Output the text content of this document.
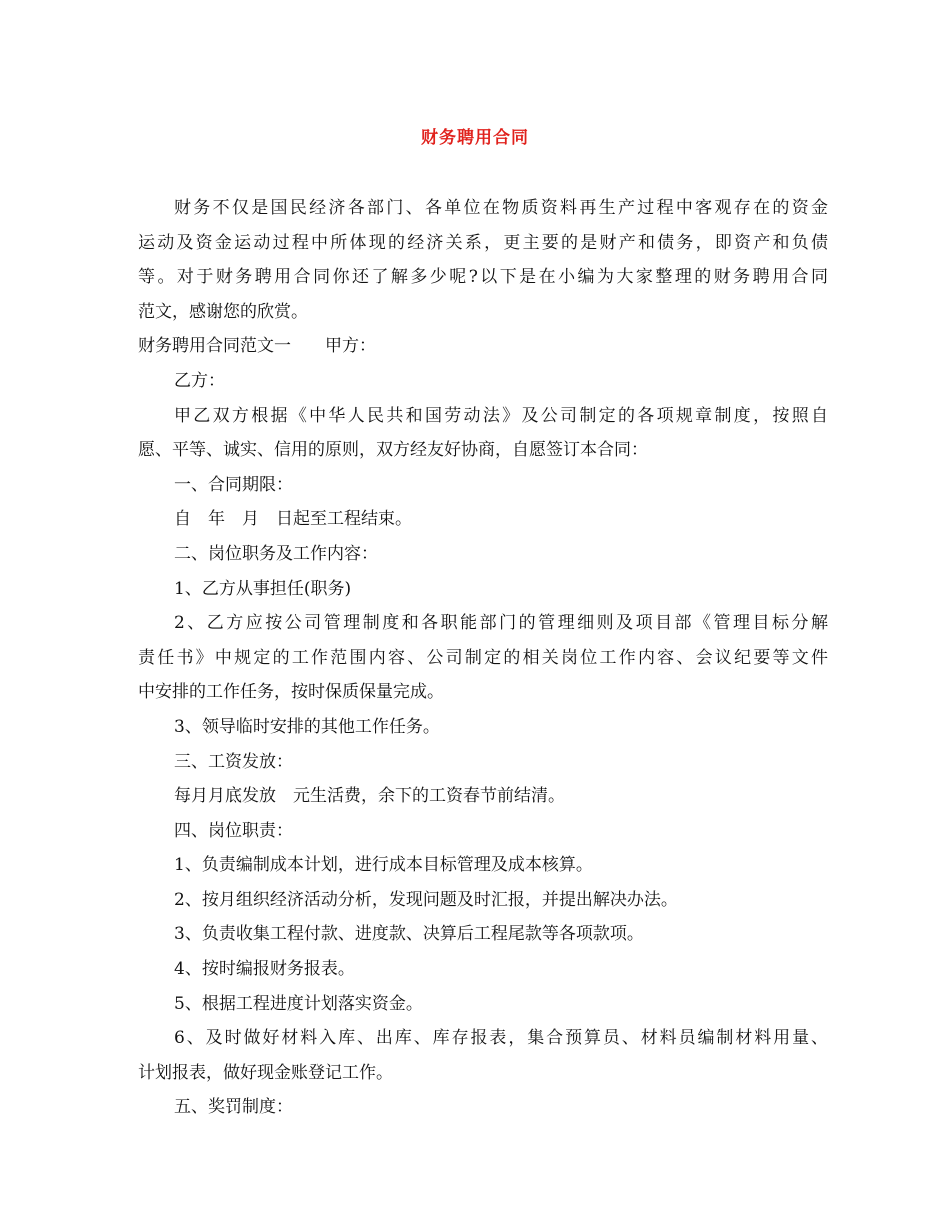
财务聘用合同

财务不仅是国民经济各部门、各单位在物质资料再生产过程中客观存在的资金

运动及资金运动过程中所体现的经济关系，更主要的是财产和债务，即资产和负债

等。对于财务聘用合同你还了解多少呢?以下是在小编为大家整理的财务聘用合同

范文，感谢您的欣赏。

财务聘用合同范文一　　甲方：

乙方：

甲乙双方根据《中华人民共和国劳动法》及公司制定的各项规章制度，按照自

愿、平等、诚实、信用的原则，双方经友好协商，自愿签订本合同：

一、合同期限：

自　年　月　日起至工程结束。

二、岗位职务及工作内容：

1、乙方从事担任(职务)

2、乙方应按公司管理制度和各职能部门的管理细则及项目部《管理目标分解

责任书》中规定的工作范围内容、公司制定的相关岗位工作内容、会议纪要等文件

中安排的工作任务，按时保质保量完成。

3、领导临时安排的其他工作任务。

三、工资发放：

每月月底发放　元生活费，余下的工资春节前结清。

四、岗位职责：

1、负责编制成本计划，进行成本目标管理及成本核算。

2、按月组织经济活动分析，发现问题及时汇报，并提出解决办法。

3、负责收集工程付款、进度款、决算后工程尾款等各项款项。

4、按时编报财务报表。

5、根据工程进度计划落实资金。

6、及时做好材料入库、出库、库存报表，集合预算员、材料员编制材料用量、

计划报表，做好现金账登记工作。

五、奖罚制度：
